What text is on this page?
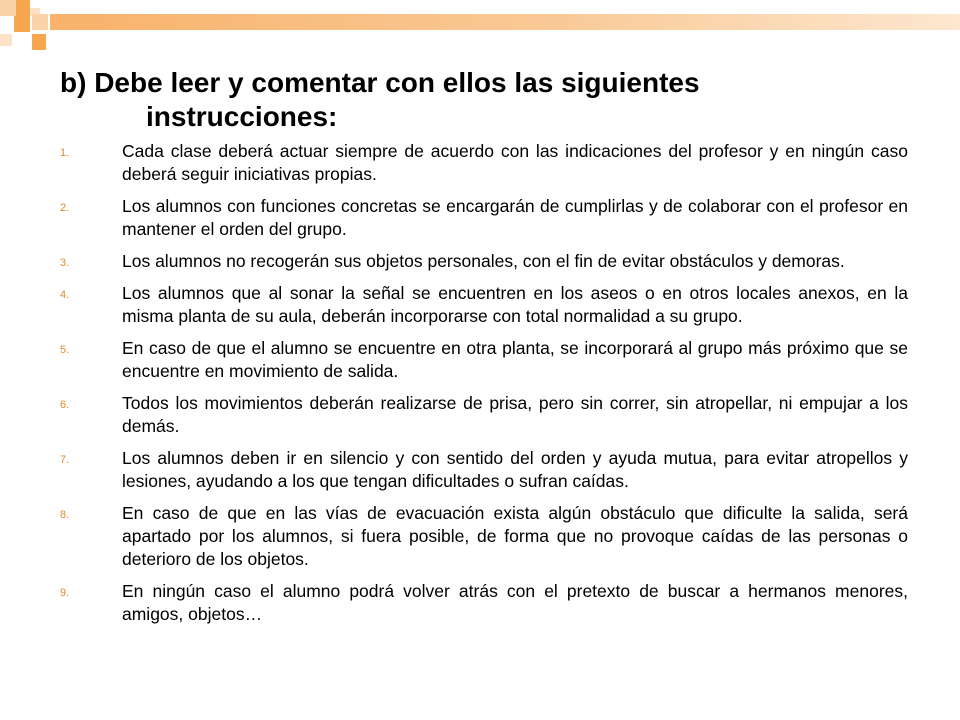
b) Debe leer y comentar con ellos las siguientes
instrucciones:
1.	Cada clase deberá actuar siempre de acuerdo con las indicaciones del profesor y en ningún caso deberá seguir iniciativas propias.
2.	Los alumnos con funciones concretas se encargarán de cumplirlas y de colaborar con el profesor en mantener el orden del grupo.
3.	Los alumnos no recogerán sus objetos personales, con el fin de evitar obstáculos y demoras.
4.	Los alumnos que al sonar la señal se encuentren en los aseos o en otros locales anexos, en la misma planta de su aula, deberán incorporarse con total normalidad a su grupo.
5.	En caso de que el alumno se encuentre en otra planta, se incorporará al grupo más próximo que se encuentre en movimiento de salida.
6.	Todos los movimientos deberán realizarse de prisa, pero sin correr, sin atropellar, ni empujar a los demás.
7.	Los alumnos deben ir en silencio y con sentido del orden y ayuda mutua, para evitar atropellos y lesiones, ayudando a los que tengan dificultades o sufran caídas.
8.	En caso de que en las vías de evacuación exista algún obstáculo que dificulte la salida, será apartado por los alumnos, si fuera posible, de forma que no provoque caídas de las personas o deterioro de los objetos.
9.	En ningún caso el alumno podrá volver atrás con el pretexto de buscar a hermanos menores, amigos, objetos…
